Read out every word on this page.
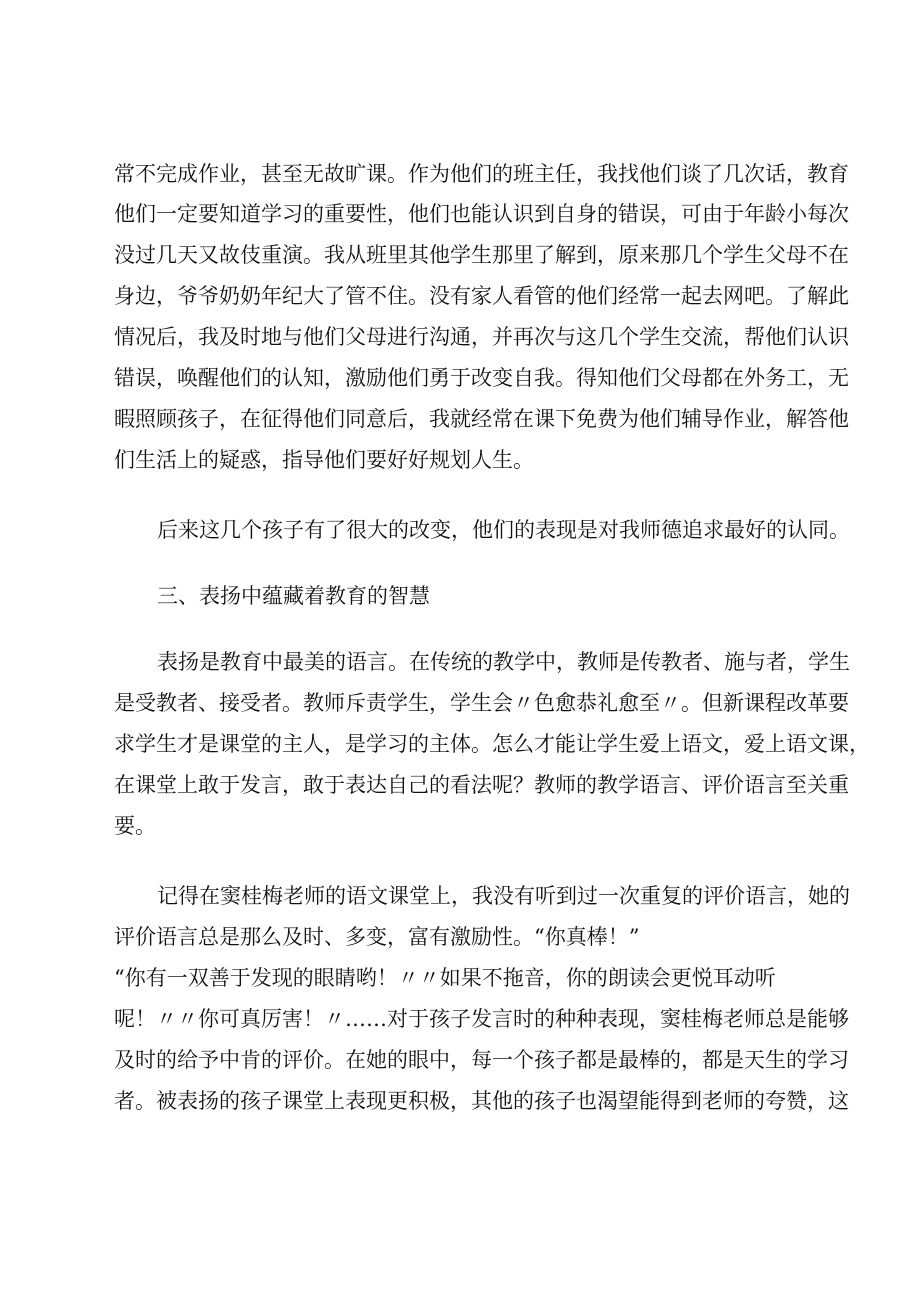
常不完成作业，甚至无故旷课。作为他们的班主任，我找他们谈了几次话，教育
他们一定要知道学习的重要性，他们也能认识到自身的错误，可由于年龄小每次
没过几天又故伎重演。我从班里其他学生那里了解到，原来那几个学生父母不在
身边，爷爷奶奶年纪大了管不住。没有家人看管的他们经常一起去网吧。了解此
情况后，我及时地与他们父母进行沟通，并再次与这几个学生交流，帮他们认识
错误，唤醒他们的认知，激励他们勇于改变自我。得知他们父母都在外务工，无
暇照顾孩子，在征得他们同意后，我就经常在课下免费为他们辅导作业，解答他
们生活上的疑惑，指导他们要好好规划人生。
后来这几个孩子有了很大的改变，他们的表现是对我师德追求最好的认同。
三、表扬中蕴藏着教育的智慧
表扬是教育中最美的语言。在传统的教学中，教师是传教者、施与者，学生
是受教者、接受者。教师斥责学生，学生会〃色愈恭礼愈至〃。但新课程改革要
求学生才是课堂的主人，是学习的主体。怎么才能让学生爱上语文，爱上语文课，
在课堂上敢于发言，敢于表达自己的看法呢？教师的教学语言、评价语言至关重
要。
记得在窦桂梅老师的语文课堂上，我没有听到过一次重复的评价语言，她的
评价语言总是那么及时、多变，富有激励性。“你真棒！”
“你有一双善于发现的眼睛哟！〃〃如果不拖音，你的朗读会更悦耳动听
呢！〃〃你可真厉害！〃……对于孩子发言时的种种表现，窦桂梅老师总是能够
及时的给予中肯的评价。在她的眼中，每一个孩子都是最棒的，都是天生的学习
者。被表扬的孩子课堂上表现更积极，其他的孩子也渴望能得到老师的夸赞，这
